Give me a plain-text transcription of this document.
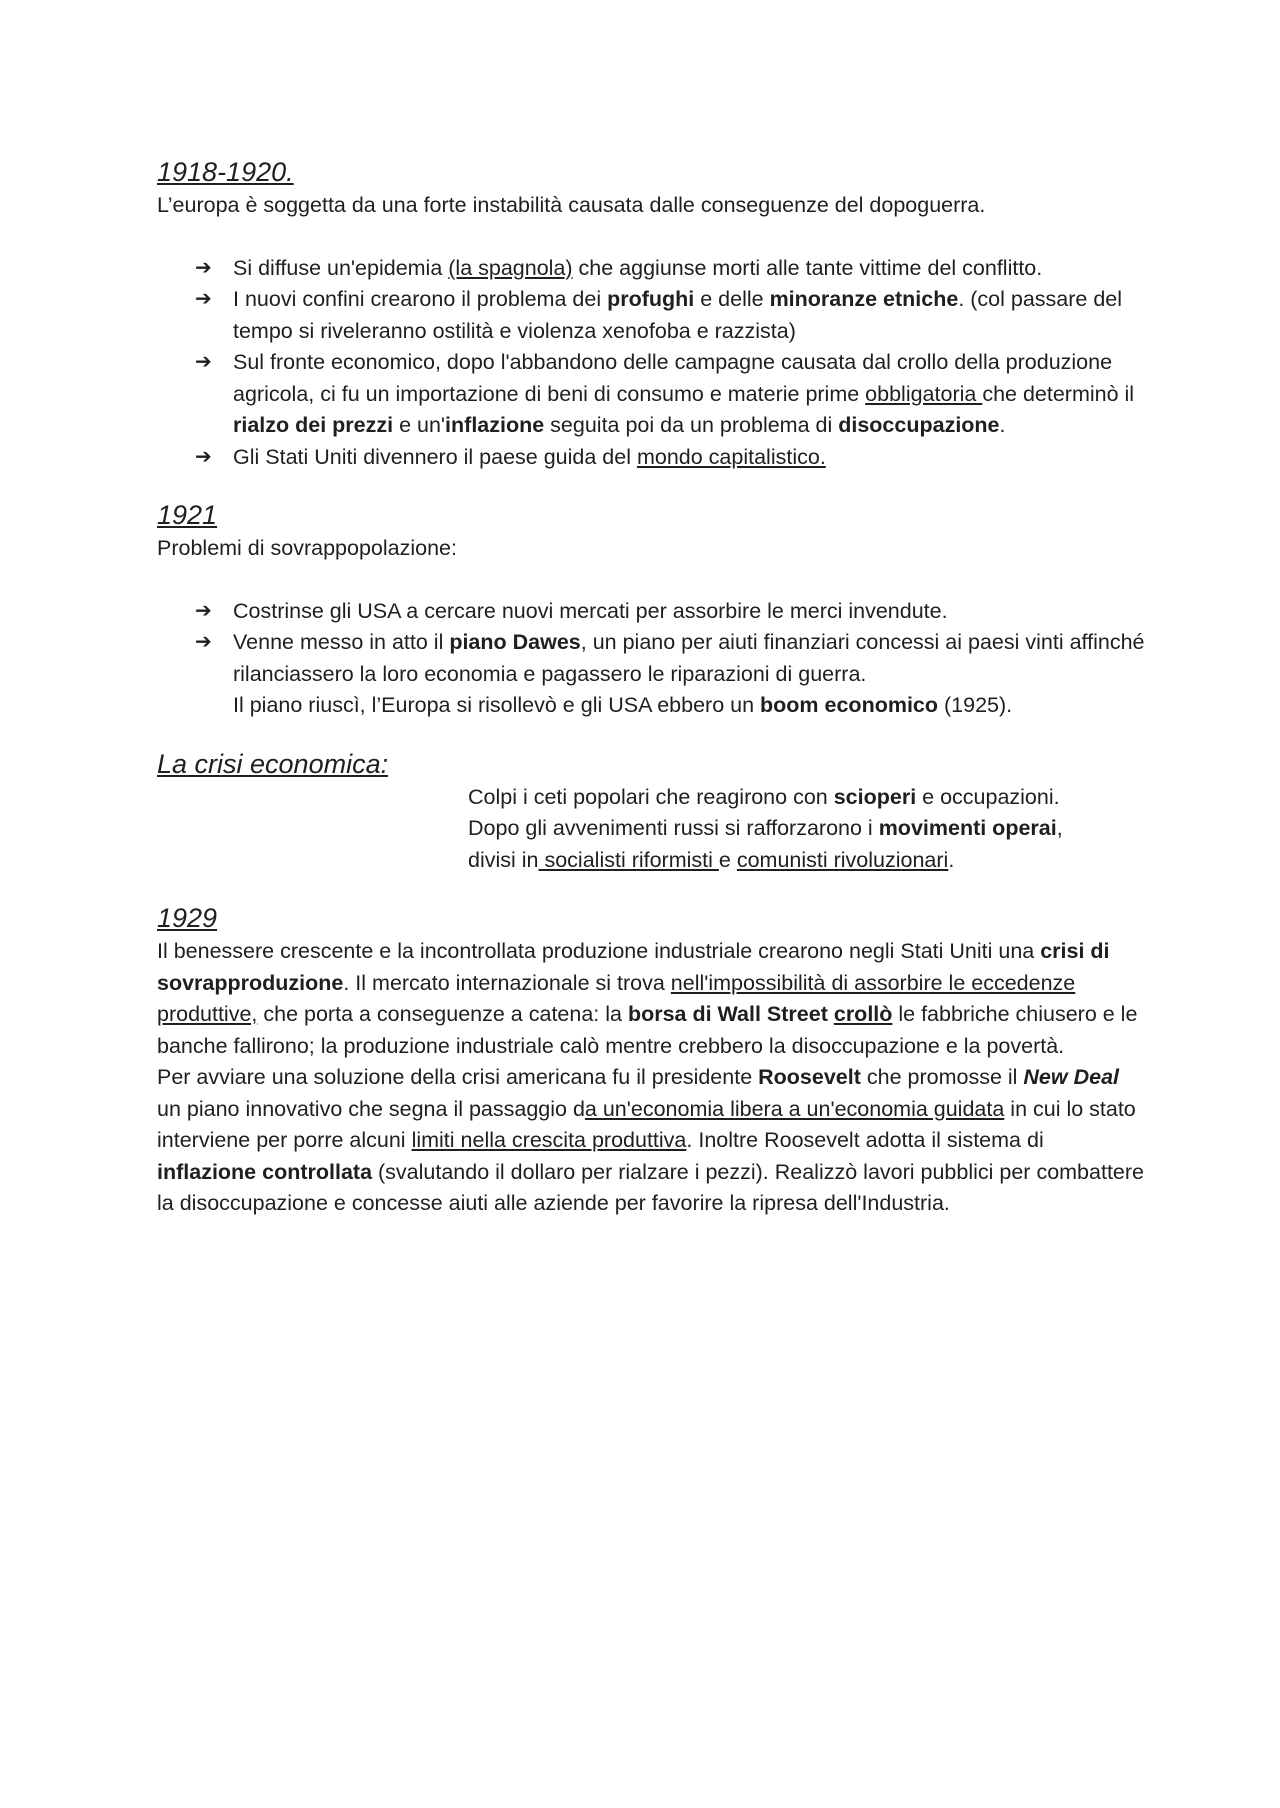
1918-1920.

L’europa è soggetta da una forte instabilità causata dalle conseguenze del dopoguerra.

➔ Si diffuse un'epidemia (la spagnola) che aggiunse morti alle tante vittime del conflitto.
➔ I nuovi confini crearono il problema dei profughi e delle minoranze etniche. (col passare del tempo si riveleranno ostilità e violenza xenofoba e razzista)
➔ Sul fronte economico, dopo l'abbandono delle campagne causata dal crollo della produzione agricola, ci fu un importazione di beni di consumo e materie prime obbligatoria che determinò il rialzo dei prezzi e un'inflazione seguita poi da un problema di disoccupazione.
➔ Gli Stati Uniti divennero il paese guida del mondo capitalistico.
1921

Problemi di sovrappopolazione:

➔ Costrinse gli USA a cercare nuovi mercati per assorbire le merci invendute.
➔ Venne messo in atto il piano Dawes, un piano per aiuti finanziari concessi ai paesi vinti affinché rilanciassero la loro economia e pagassero le riparazioni di guerra.

Il piano riuscì, l’Europa si risollevò e gli USA ebbero un boom economico (1925).

La crisi economica:

Colpi i ceti popolari che reagirono con scioperi e occupazioni.

Dopo gli avvenimenti russi si rafforzarono i movimenti operai,

divisi in socialisti riformisti e comunisti rivoluzionari.

1929

Il benessere crescente e la incontrollata produzione industriale crearono negli Stati Uniti una crisi di sovrapproduzione. Il mercato internazionale si trova nell'impossibilità di assorbire le eccedenze produttive, che porta a conseguenze a catena: la borsa di Wall Street crollò le fabbriche chiusero e le banche fallirono; la produzione industriale calò mentre crebbero la disoccupazione e la povertà.

Per avviare una soluzione della crisi americana fu il presidente Roosevelt che promosse il New Deal un piano innovativo che segna il passaggio da un'economia libera a un'economia guidata in cui lo stato interviene per porre alcuni limiti nella crescita produttiva. Inoltre Roosevelt adotta il sistema di inflazione controllata (svalutando il dollaro per rialzare i pezzi). Realizzò lavori pubblici per combattere la disoccupazione e concesse aiuti alle aziende per favorire la ripresa dell'Industria.
